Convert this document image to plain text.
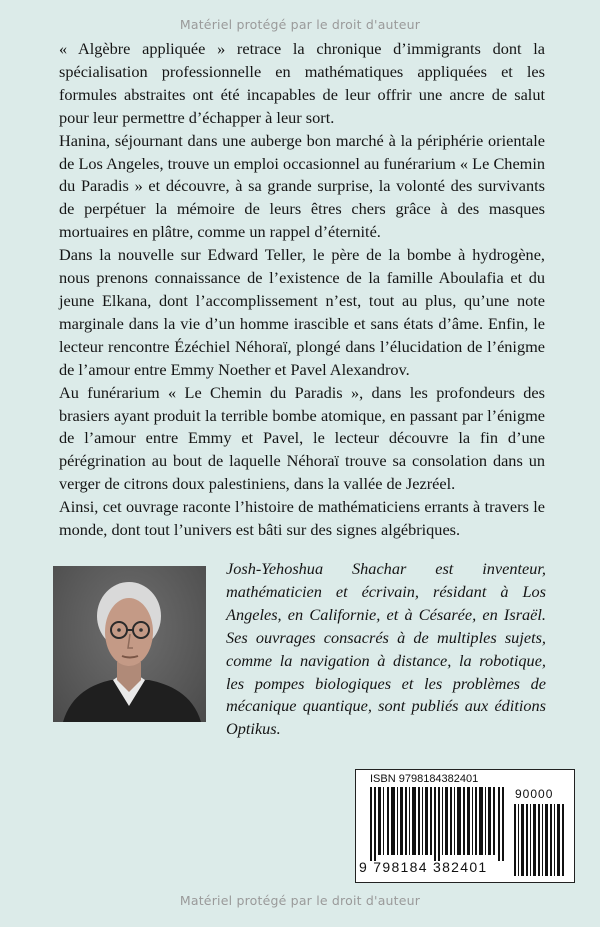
Matériel protégé par le droit d'auteur

« Algèbre appliquée » retrace la chronique d’immigrants dont la spécialisation professionnelle en mathématiques appliquées et les formules abstraites ont été incapables de leur offrir une ancre de salut pour leur permettre d’échapper à leur sort.

Hanina, séjournant dans une auberge bon marché à la périphérie orientale de Los Angeles, trouve un emploi occasionnel au funérarium « Le Chemin du Paradis » et découvre, à sa grande surprise, la volonté des survivants de perpétuer la mémoire de leurs êtres chers grâce à des masques mortuaires en plâtre, comme un rappel d’éternité.

Dans la nouvelle sur Edward Teller, le père de la bombe à hydrogène, nous prenons connaissance de l’existence de la famille Aboulafia et du jeune Elkana, dont l’accomplissement n’est, tout au plus, qu’une note marginale dans la vie d’un homme irascible et sans états d’âme. Enfin, le lecteur rencontre Ézéchiel Néhoraï, plongé dans l’élucidation de l’énigme de l’amour entre Emmy Noether et Pavel Alexandrov.

Au funérarium « Le Chemin du Paradis », dans les profondeurs des brasiers ayant produit la terrible bombe atomique, en passant par l’énigme de l’amour entre Emmy et Pavel, le lecteur découvre la fin d’une pérégrination au bout de laquelle Néhoraï trouve sa consolation dans un verger de citrons doux palestiniens, dans la vallée de Jezréel.

Ainsi, cet ouvrage raconte l’histoire de mathématiciens errants à travers le monde, dont tout l’univers est bâti sur des signes algébriques.

Josh-Yehoshua Shachar est inventeur, mathématicien et écrivain, résidant à Los Angeles, en Californie, et à Césarée, en Israël. Ses ouvrages consacrés à de multiples sujets, comme la navigation à distance, la robotique, les pompes biologiques et les problèmes de mécanique quantique, sont publiés aux éditions Optikus.

ISBN 9798184382401
90000
9 798184 382401
Matériel protégé par le droit d'auteur
